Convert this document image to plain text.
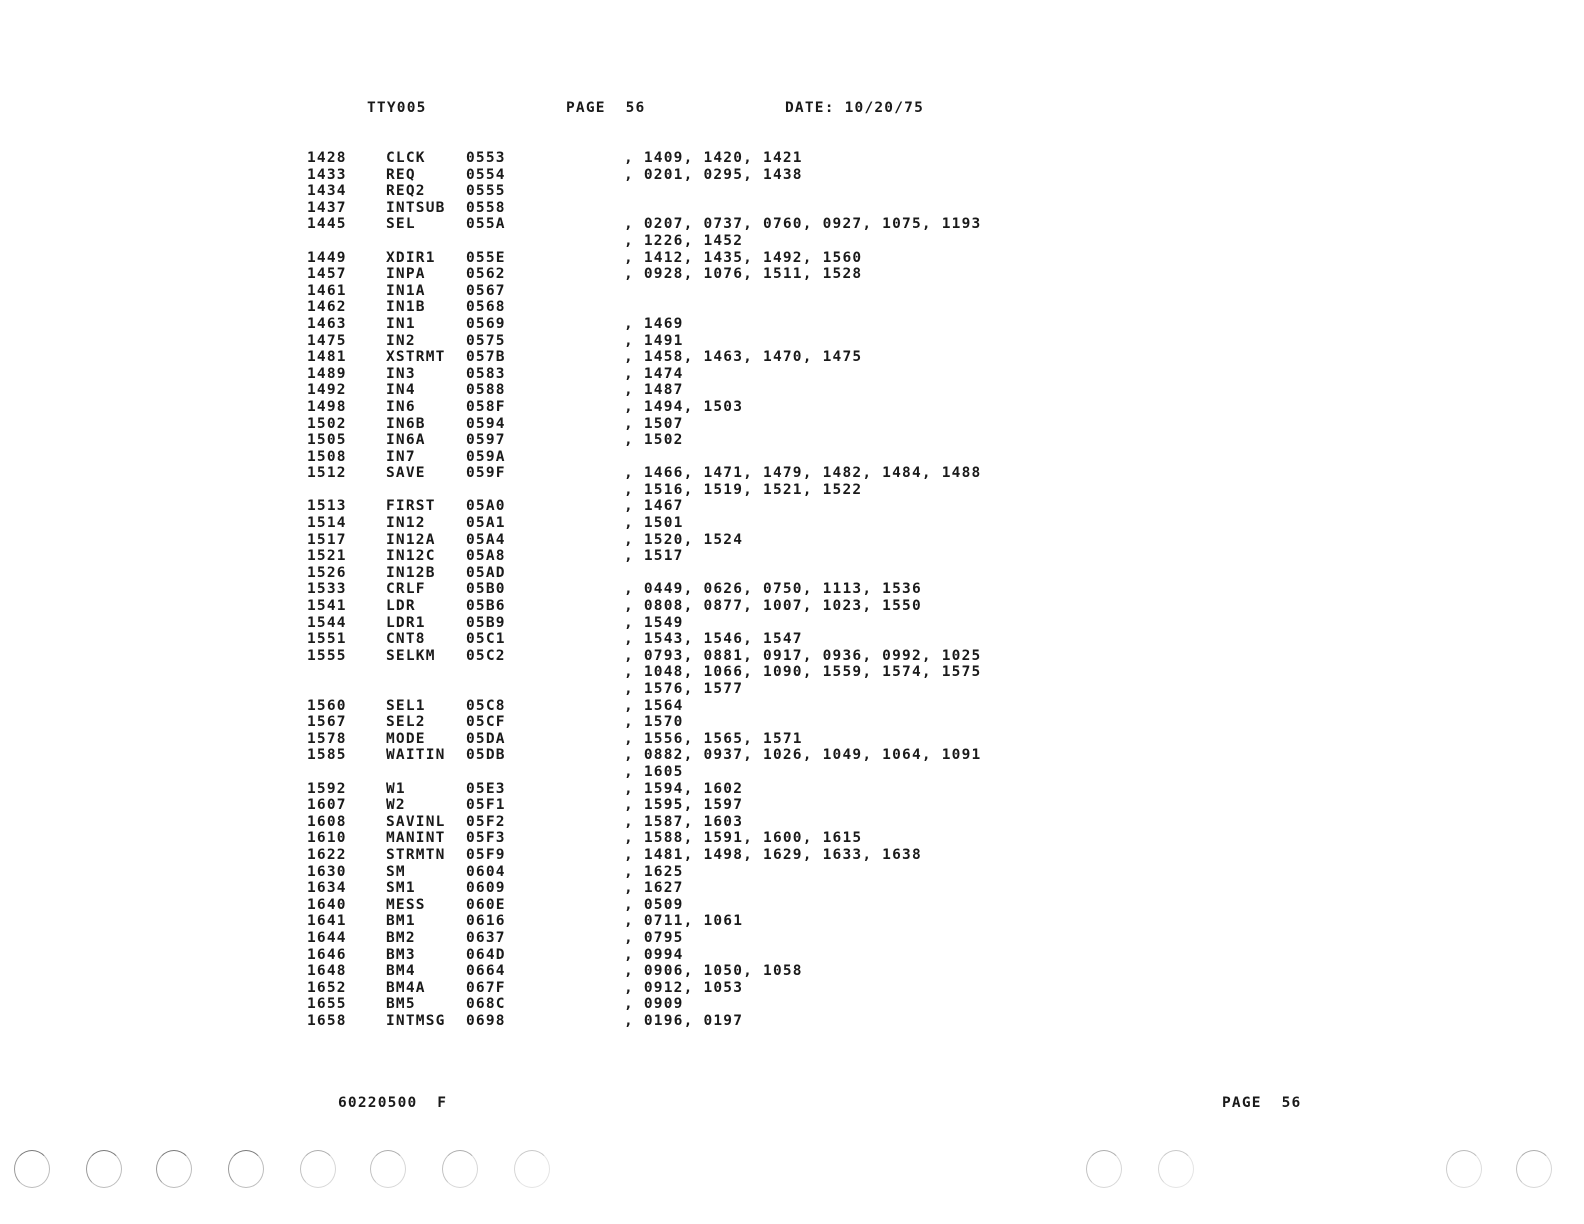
TTY005	PAGE  56	DATE: 10/20/75
1428	CLCK	0553	, 1409, 1420, 1421
1433	REQ	0554	, 0201, 0295, 1438
1434	REQ2	0555
1437	INTSUB 0558
1445	SEL	055A	, 0207, 0737, 0760, 0927, 1075, 1193
, 1226, 1452
1449	XDIR1 055E	, 1412, 1435, 1492, 1560
1457	INPA	0562	, 0928, 1076, 1511, 1528
1461	IN1A	0567
1462	IN1B	0568
1463	IN1	0569	, 1469
1475	IN2	0575	, 1491
1481	XSTRMT 057B	, 1458, 1463, 1470, 1475
1489	IN3	0583	, 1474
1492	IN4	0588	, 1487
1498	IN6	058F	, 1494, 1503
1502	IN6B	0594	, 1507
1505	IN6A	0597	, 1502
1508	IN7	059A
1512	SAVE	059F	, 1466, 1471, 1479, 1482, 1484, 1488
, 1516, 1519, 1521, 1522
1513	FIRST 05A0	, 1467
1514	IN12	05A1	, 1501
1517	IN12A 05A4	, 1520, 1524
1521	IN12C 05A8	, 1517
1526	IN12B 05AD
1533	CRLF	05B0	, 0449, 0626, 0750, 1113, 1536
1541	LDR	05B6	, 0808, 0877, 1007, 1023, 1550
1544	LDR1	05B9	, 1549
1551	CNT8	05C1	, 1543, 1546, 1547
1555	SELKM 05C2	, 0793, 0881, 0917, 0936, 0992, 1025
, 1048, 1066, 1090, 1559, 1574, 1575
, 1576, 1577
1560	SEL1	05C8	, 1564
1567	SEL2	05CF	, 1570
1578	MODE	05DA	, 1556, 1565, 1571
1585	WAITIN 05DB	, 0882, 0937, 1026, 1049, 1064, 1091
, 1605
1592	W1	05E3	, 1594, 1602
1607	W2	05F1	, 1595, 1597
1608	SAVINL 05F2	, 1587, 1603
1610	MANINT 05F3	, 1588, 1591, 1600, 1615
1622	STRMTN 05F9	, 1481, 1498, 1629, 1633, 1638
1630	SM	0604	, 1625
1634	SM1	0609	, 1627
1640	MESS	060E	, 0509
1641	BM1	0616	, 0711, 1061
1644	BM2	0637	, 0795
1646	BM3	064D	, 0994
1648	BM4	0664	, 0906, 1050, 1058
1652	BM4A	067F	, 0912, 1053
1655	BM5	068C	, 0909
1658	INTMSG 0698	, 0196, 0197
60220500  F	PAGE  56
